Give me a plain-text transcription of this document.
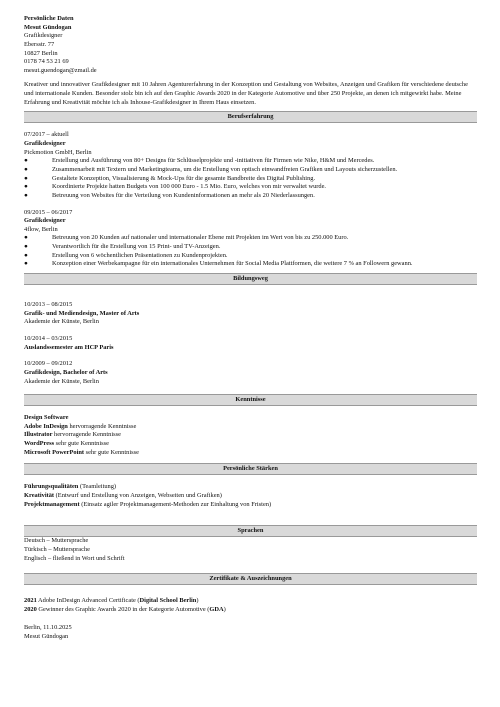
Persönliche Daten
Mesut Gündogan
Grafikdesigner
Ebersstr. 77
10827 Berlin
0178 74 53 21 69
mesut.guendogan@zmail.de
Kreativer und innovativer Grafikdesigner mit 10 Jahren Agenturerfahrung in der Konzeption und Gestaltung von Websites, Anzeigen und Grafiken für verschiedene deutsche und internationale Kunden. Besonder stolz bin ich auf den Graphic Awards 2020 in der Kategorie Automotive und über 250 Projekte, an denen ich mitgewirkt habe. Meine Erfahrung und Kreativität möchte ich als Inhouse-Grafikdesigner in Ihrem Haus einsetzen.
Berufserfahrung
07/2017 – aktuell
Grafikdesigner
Pickmotion GmbH, Berlin
●	Erstellung und Ausführung von 80+ Designs für Schlüsselprojekte und -initiativen für Firmen wie Nike, H&M und Mercedes.
●	Zusammenarbeit mit Textern und Marketingteams, um die Erstellung von optisch einwandfreien Grafiken und Layouts sicherzustellen.
●	Gestaltete Konzeption, Visualisierung & Mock-Ups für die gesamte Bandbreite des Digital Publishing.
●	Koordinierte Projekte hatten Budgets von 100 000 Euro - 1.5 Mio. Euro, welches von mir verwaltet wurde.
●	Betreuung von Websites für die Verteilung von Kundeninformationen an mehr als 20 Niederlassungen.
09/2015 – 06/2017
Grafikdesigner
4flow, Berlin
●	Betreuung von 20 Kunden auf nationaler und internationaler Ebene mit Projekten im Wert von bis zu 250.000 Euro.
●	Verantwortlich für die Erstellung von 15 Print- und TV-Anzeigen.
●	Erstellung von 6 wöchentlichen Präsentationen zu Kundenprojekten.
●	Konzeption einer Werbekampagne für ein internationales Unternehmen für Social Media Plattformen, die weitere 7 % an Followern gewann.
Bildungsweg
10/2013 – 08/2015
Grafik- und Mediendesign, Master of Arts
Akademie der Künste, Berlin
10/2014 – 03/2015
Auslandssemester am HCP Paris
10/2009 – 09/2012
Grafikdesign, Bachelor of Arts
Akademie der Künste, Berlin
Kenntnisse
Design Software
Adobe InDesign hervorragende Kenntnisse
Illustrator hervorragende Kenntnisse
WordPress sehr gute Kenntnisse
Microsoft PowerPoint sehr gute Kenntnisse
Persönliche Stärken
Führungsqualitäten (Teamleitung)
Kreativität (Entwurf und Erstellung von Anzeigen, Webseiten und Grafiken)
Projektmanagement (Einsatz agiler Projektmanagement-Methoden zur Einhaltung von Fristen)
Sprachen
Deutsch – Muttersprache
Türkisch – Muttersprache
Englisch – fließend in Wort und Schrift
Zertifikate & Auszeichnungen
2021 Adobe InDesign Advanced Certificate (Digital School Berlin)
2020 Gewinner des Graphic Awards 2020 in der Kategorie Automotive (GDA)
Berlin, 11.10.2025
Mesut Gündogan
